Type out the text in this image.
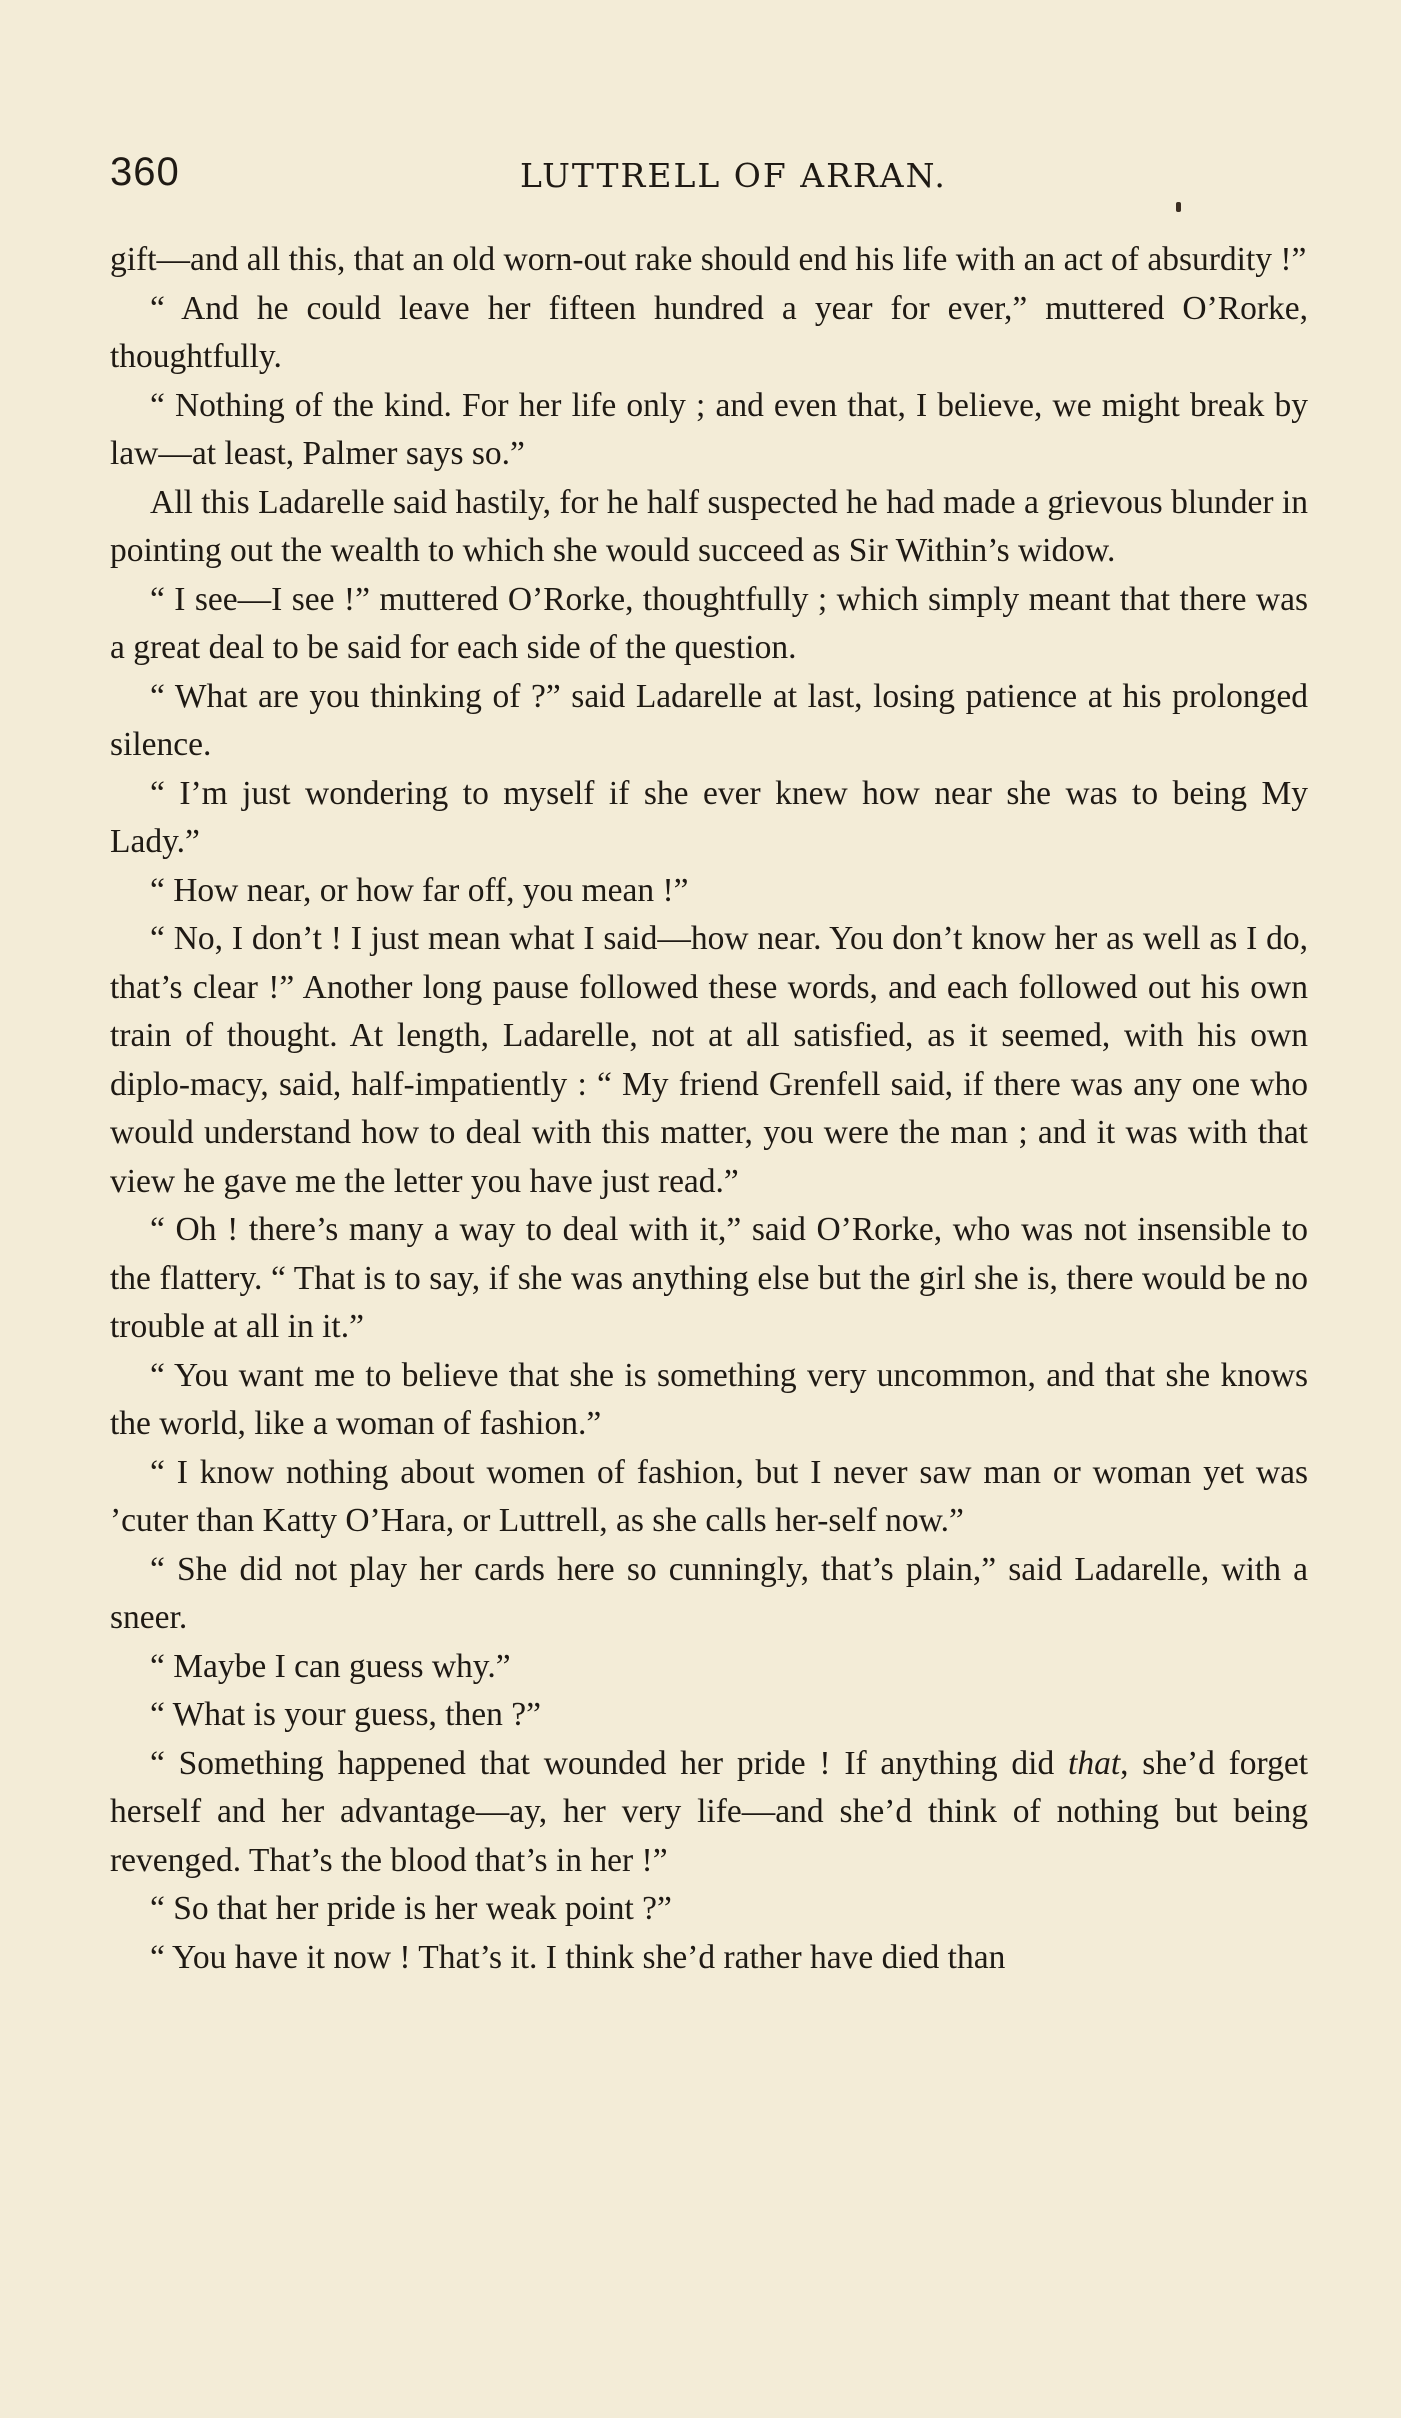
360	LUTTRELL OF ARRAN.

gift—and all this, that an old worn-out rake should end his life with an act of absurdity !”

“ And he could leave her fifteen hundred a year for ever,” muttered O’Rorke, thoughtfully.

“ Nothing of the kind. For her life only ; and even that, I believe, we might break by law—at least, Palmer says so.”

All this Ladarelle said hastily, for he half suspected he had made a grievous blunder in pointing out the wealth to which she would succeed as Sir Within’s widow.

“ I see—I see !” muttered O’Rorke, thoughtfully ; which simply meant that there was a great deal to be said for each side of the question.

“ What are you thinking of ?” said Ladarelle at last, losing patience at his prolonged silence.

“ I’m just wondering to myself if she ever knew how near she was to being My Lady.”

“ How near, or how far off, you mean !”

“ No, I don’t ! I just mean what I said—how near. You don’t know her as well as I do, that’s clear !” Another long pause followed these words, and each followed out his own train of thought. At length, Ladarelle, not at all satisfied, as it seemed, with his own diplo-macy, said, half-impatiently : “ My friend Grenfell said, if there was any one who would understand how to deal with this matter, you were the man ; and it was with that view he gave me the letter you have just read.”

“ Oh ! there’s many a way to deal with it,” said O’Rorke, who was not insensible to the flattery. “ That is to say, if she was anything else but the girl she is, there would be no trouble at all in it.”

“ You want me to believe that she is something very uncommon, and that she knows the world, like a woman of fashion.”

“ I know nothing about women of fashion, but I never saw man or woman yet was ’cuter than Katty O’Hara, or Luttrell, as she calls her-self now.”

“ She did not play her cards here so cunningly, that’s plain,” said Ladarelle, with a sneer.

“ Maybe I can guess why.”

“ What is your guess, then ?”

“ Something happened that wounded her pride ! If anything did that, she’d forget herself and her advantage—ay, her very life—and she’d think of nothing but being revenged. That’s the blood that’s in her !”

“ So that her pride is her weak point ?”

“ You have it now ! That’s it. I think she’d rather have died than
